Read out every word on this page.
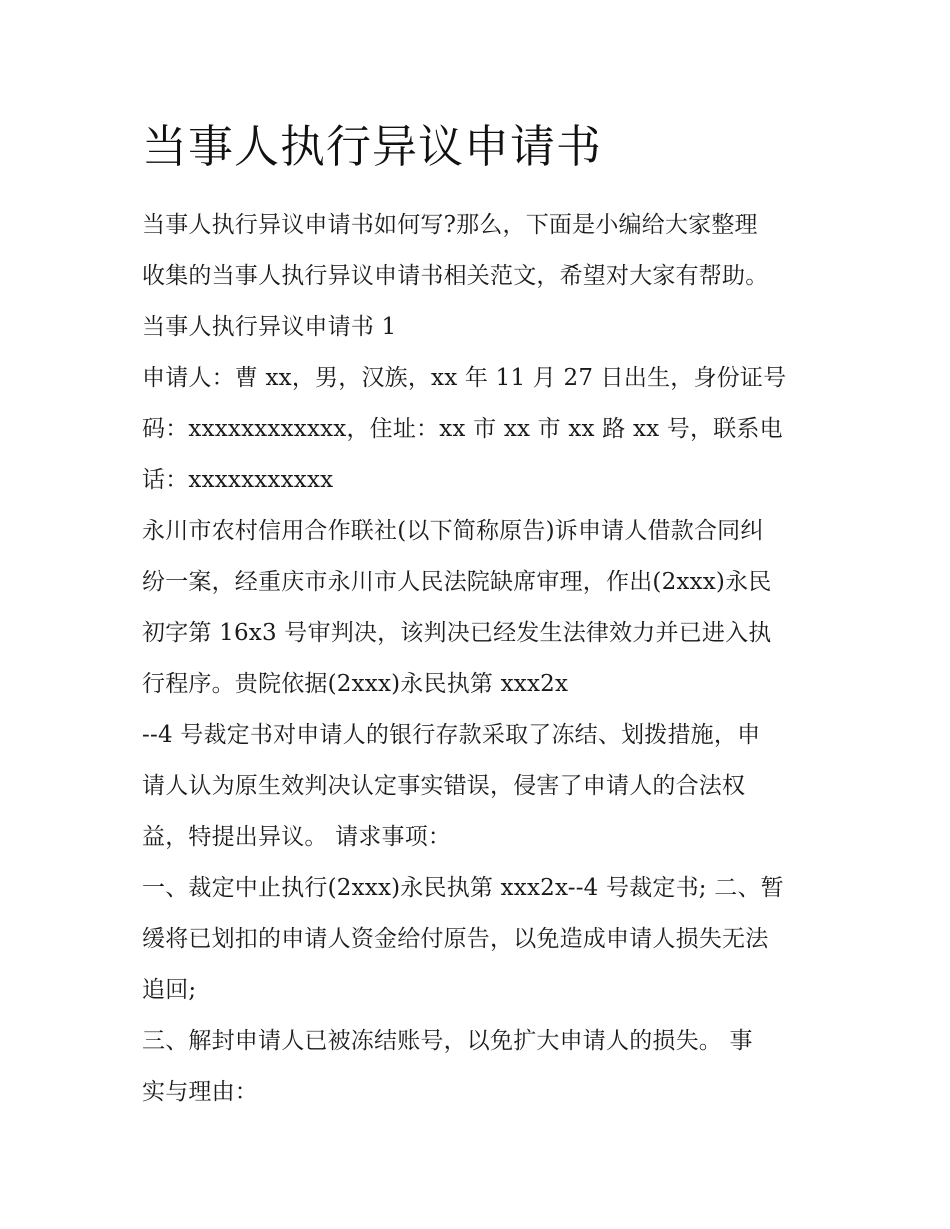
当事人执行异议申请书

当事人执行异议申请书如何写?那么，下面是小编给大家整理

收集的当事人执行异议申请书相关范文，希望对大家有帮助。

当事人执行异议申请书 1

申请人：曹 xx，男，汉族，xx 年 11 月 27 日出生，身份证号

码：xxxxxxxxxxxx，住址：xx 市 xx 市 xx 路 xx 号，联系电

话：xxxxxxxxxxx

永川市农村信用合作联社(以下简称原告)诉申请人借款合同纠

纷一案，经重庆市永川市人民法院缺席审理，作出(2xxx)永民

初字第 16x3 号审判决，该判决已经发生法律效力并已进入执

行程序。贵院依据(2xxx)永民执第 xxx2x

--4 号裁定书对申请人的银行存款采取了冻结、划拨措施，申

请人认为原生效判决认定事实错误，侵害了申请人的合法权

益，特提出异议。 请求事项：

一、裁定中止执行(2xxx)永民执第 xxx2x--4 号裁定书; 二、暂

缓将已划扣的申请人资金给付原告，以免造成申请人损失无法

追回;

三、解封申请人已被冻结账号，以免扩大申请人的损失。 事

实与理由：
